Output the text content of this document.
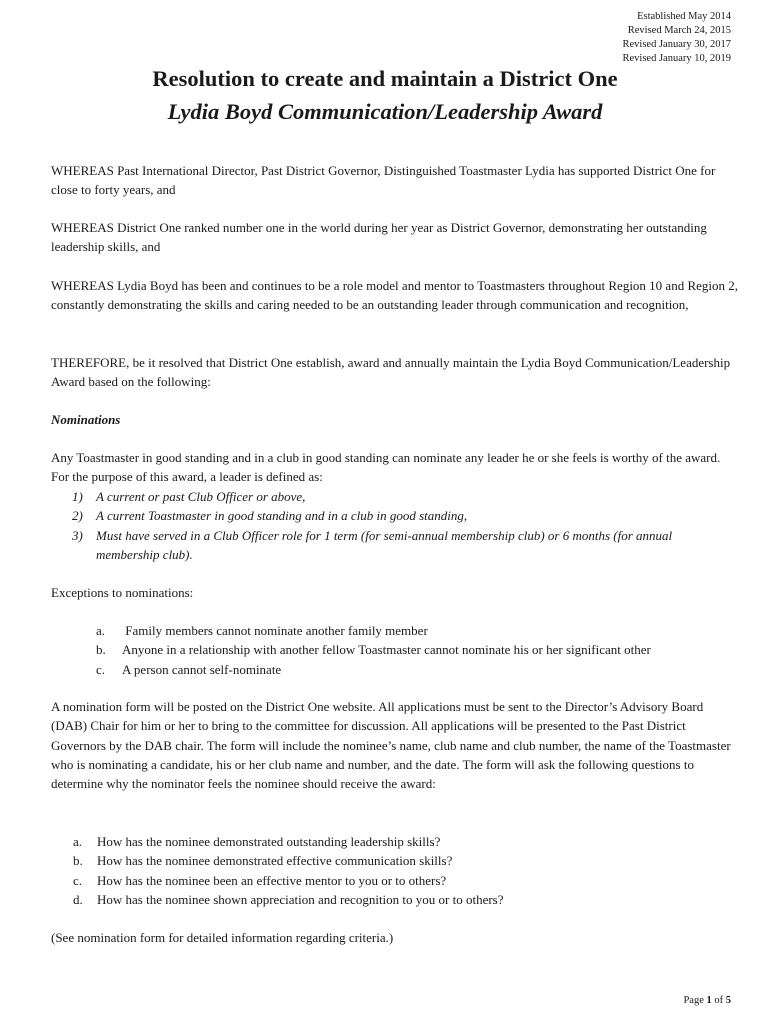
Established May 2014
Revised March 24, 2015
Revised January 30, 2017
Revised January 10, 2019
Resolution to create and maintain a District One
Lydia Boyd Communication/Leadership Award

WHEREAS Past International Director, Past District Governor, Distinguished Toastmaster Lydia has supported District One for close to forty years, and

WHEREAS District One ranked number one in the world during her year as District Governor, demonstrating her outstanding leadership skills, and

WHEREAS Lydia Boyd has been and continues to be a role model and mentor to Toastmasters throughout Region 10 and Region 2, constantly demonstrating the skills and caring needed to be an outstanding leader through communication and recognition,

THEREFORE, be it resolved that District One establish, award and annually maintain the Lydia Boyd Communication/Leadership Award based on the following:

Nominations

Any Toastmaster in good standing and in a club in good standing can nominate any leader he or she feels is worthy of the award. For the purpose of this award, a leader is defined as:

1)	A current or past Club Officer or above,
2)	A current Toastmaster in good standing and in a club in good standing,
3)	Must have served in a Club Officer role for 1 term (for semi-annual membership club) or 6 months (for annual membership club).
Exceptions to nominations:
a.	Family members cannot nominate another family member
b.	Anyone in a relationship with another fellow Toastmaster cannot nominate his or her significant other
c.	A person cannot self-nominate

A nomination form will be posted on the District One website. All applications must be sent to the Director’s Advisory Board (DAB) Chair for him or her to bring to the committee for discussion. All applications will be presented to the Past District Governors by the DAB chair. The form will include the nominee’s name, club name and club number, the name of the Toastmaster who is nominating a candidate, his or her club name and number, and the date. The form will ask the following questions to determine why the nominator feels the nominee should receive the award:

a.	How has the nominee demonstrated outstanding leadership skills?
b.	How has the nominee demonstrated effective communication skills?
c.	How has the nominee been an effective mentor to you or to others?
d.	How has the nominee shown appreciation and recognition to you or to others?
(See nomination form for detailed information regarding criteria.)
Page 1 of 5
